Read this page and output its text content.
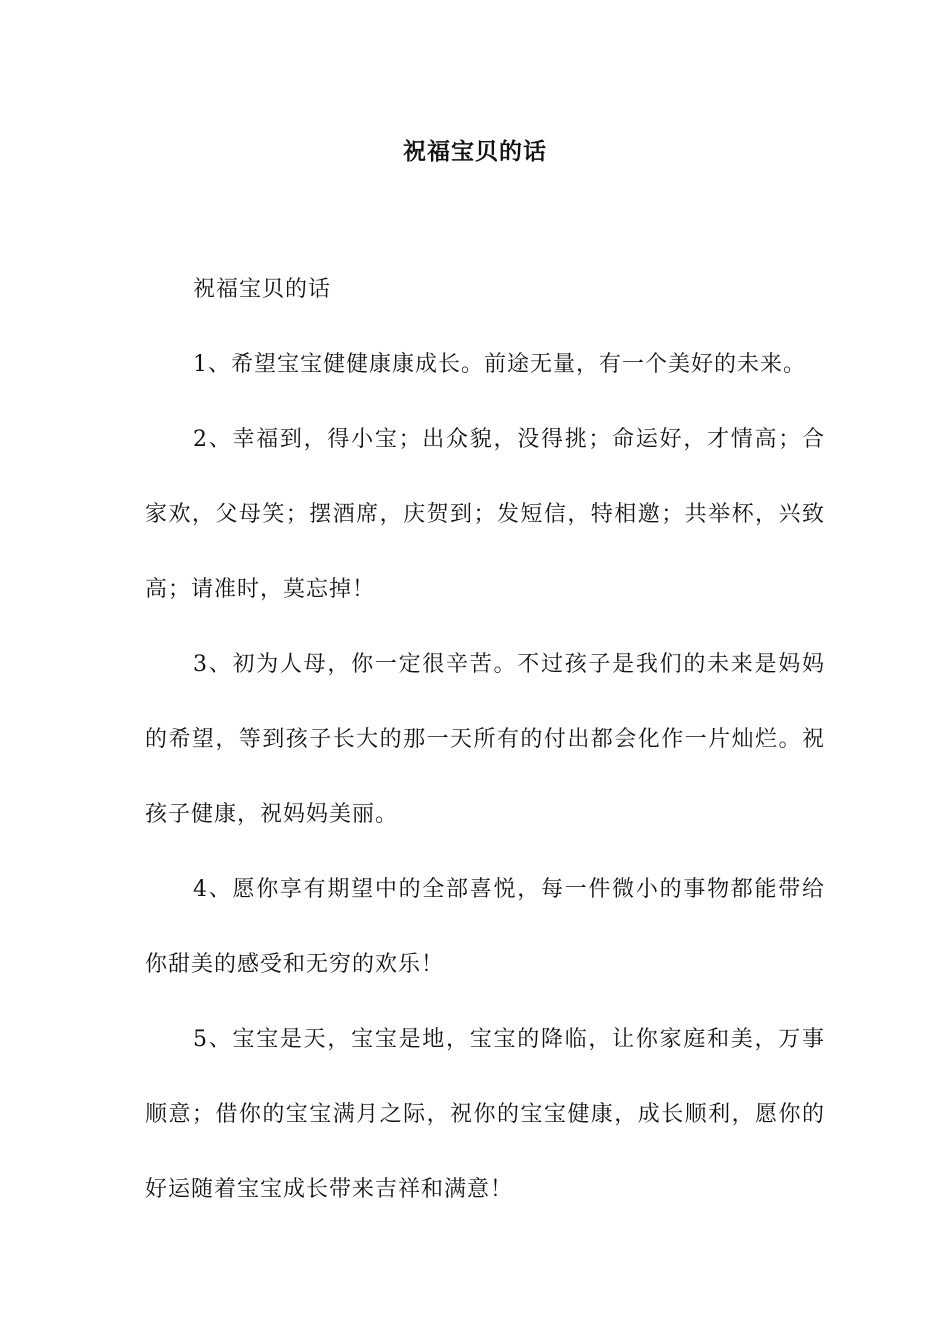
祝福宝贝的话

祝福宝贝的话

1、希望宝宝健健康康成长。前途无量，有一个美好的未来。

2、幸福到，得小宝；出众貌，没得挑；命运好，才情高；合家欢，父母笑；摆酒席，庆贺到；发短信，特相邀；共举杯，兴致高；请准时，莫忘掉！

3、初为人母，你一定很辛苦。不过孩子是我们的未来是妈妈的希望，等到孩子长大的那一天所有的付出都会化作一片灿烂。祝孩子健康，祝妈妈美丽。

4、愿你享有期望中的全部喜悦，每一件微小的事物都能带给你甜美的感受和无穷的欢乐！

5、宝宝是天，宝宝是地，宝宝的降临，让你家庭和美，万事顺意；借你的宝宝满月之际，祝你的宝宝健康，成长顺利，愿你的好运随着宝宝成长带来吉祥和满意！
